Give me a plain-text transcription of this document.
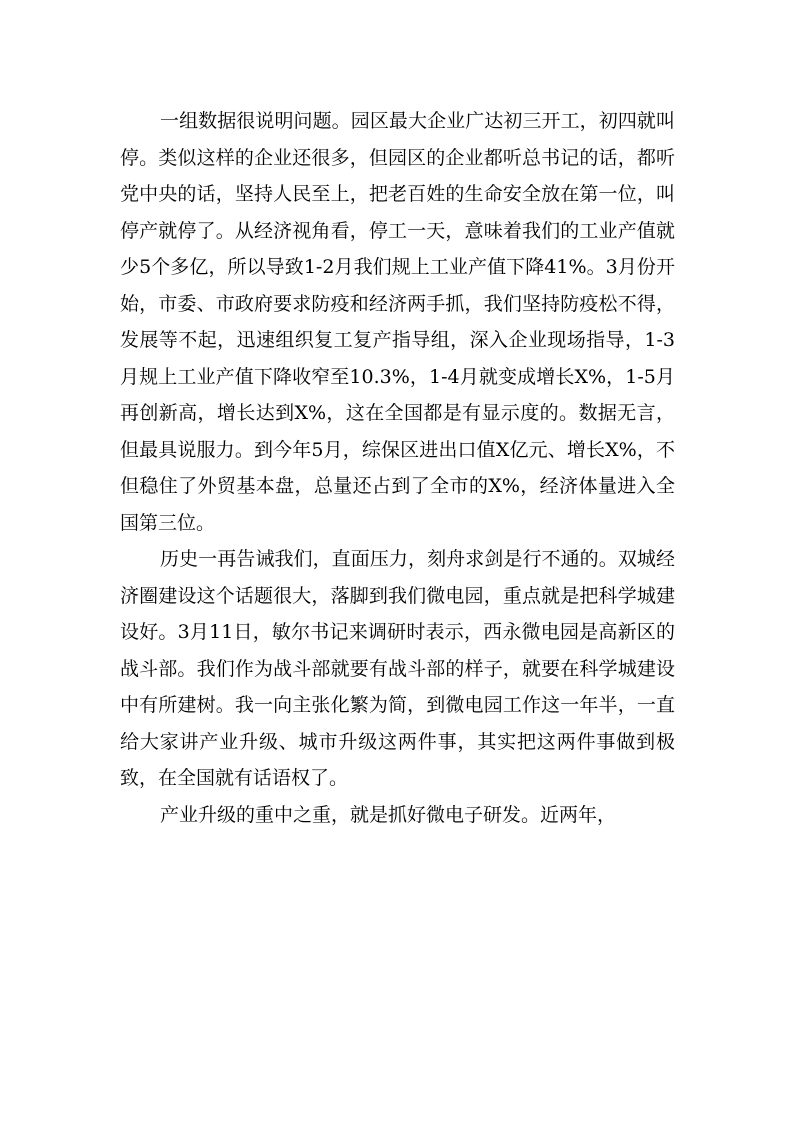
一组数据很说明问题。园区最大企业广达初三开工，初四就叫停。类似这样的企业还很多，但园区的企业都听总书记的话，都听党中央的话，坚持人民至上，把老百姓的生命安全放在第一位，叫停产就停了。从经济视角看，停工一天，意味着我们的工业产值就少5个多亿，所以导致1-2月我们规上工业产值下降41%。3月份开始，市委、市政府要求防疫和经济两手抓，我们坚持防疫松不得，发展等不起，迅速组织复工复产指导组，深入企业现场指导，1-3月规上工业产值下降收窄至10.3%，1-4月就变成增长X%，1-5月再创新高，增长达到X%，这在全国都是有显示度的。数据无言，但最具说服力。到今年5月，综保区进出口值X亿元、增长X%，不但稳住了外贸基本盘，总量还占到了全市的X%，经济体量进入全国第三位。

历史一再告诫我们，直面压力，刻舟求剑是行不通的。双城经济圈建设这个话题很大，落脚到我们微电园，重点就是把科学城建设好。3月11日，敏尔书记来调研时表示，西永微电园是高新区的战斗部。我们作为战斗部就要有战斗部的样子，就要在科学城建设中有所建树。我一向主张化繁为简，到微电园工作这一年半，一直给大家讲产业升级、城市升级这两件事，其实把这两件事做到极致，在全国就有话语权了。

产业升级的重中之重，就是抓好微电子研发。近两年，
